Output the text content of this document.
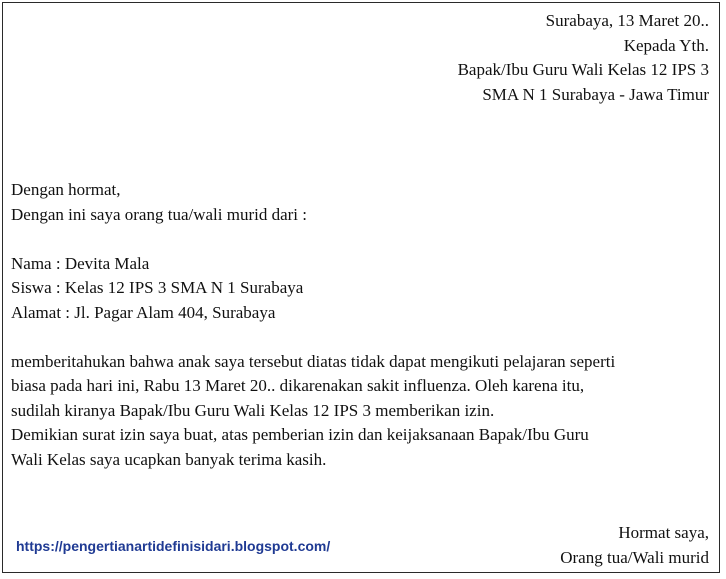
Surabaya, 13 Maret 20..
Kepada Yth.
Bapak/Ibu Guru Wali Kelas 12 IPS 3
SMA N 1 Surabaya - Jawa Timur
Dengan hormat,
Dengan ini saya orang tua/wali murid dari :
Nama : Devita Mala
Siswa : Kelas 12 IPS 3 SMA N 1 Surabaya
Alamat : Jl. Pagar Alam 404, Surabaya
memberitahukan bahwa anak saya tersebut diatas tidak dapat mengikuti pelajaran seperti
biasa pada hari ini, Rabu 13 Maret 20.. dikarenakan sakit influenza. Oleh karena itu,
sudilah kiranya Bapak/Ibu Guru Wali Kelas 12 IPS 3 memberikan izin.
Demikian surat izin saya buat, atas pemberian izin dan keijaksanaan Bapak/Ibu Guru
Wali Kelas saya ucapkan banyak terima kasih.
Hormat saya,
Orang tua/Wali murid
https://pengertianartidefinisidari.blogspot.com/
